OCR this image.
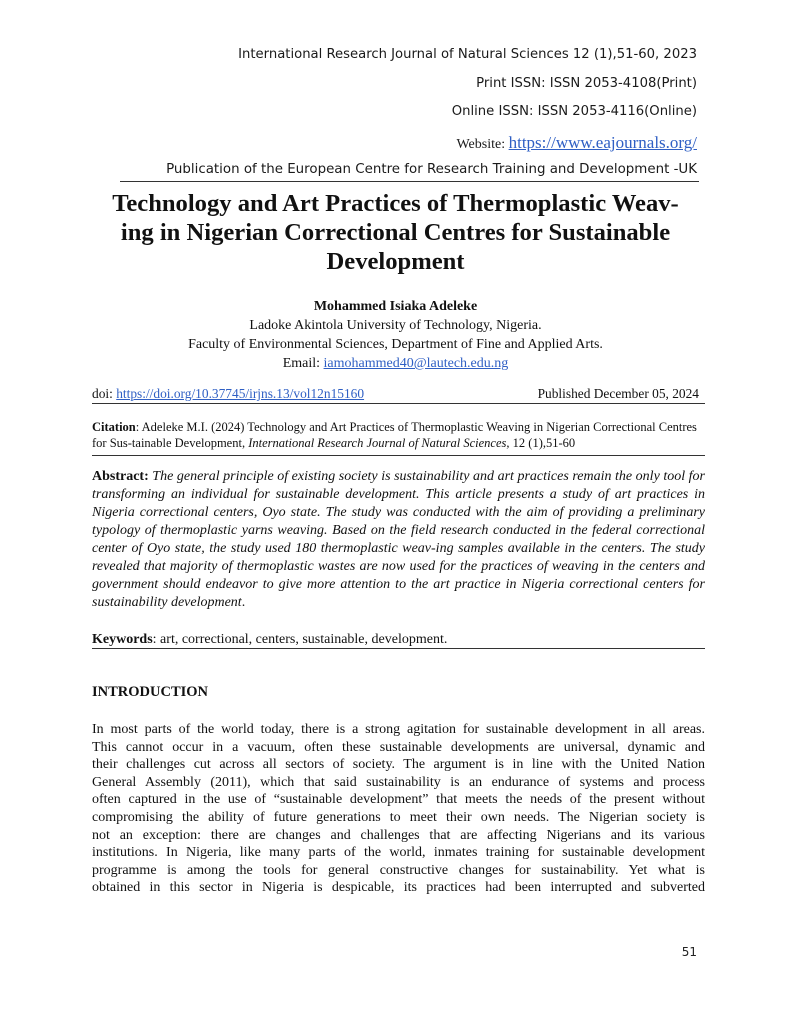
International Research Journal of Natural Sciences 12 (1),51-60, 2023
Print ISSN: ISSN 2053-4108(Print)
Online ISSN: ISSN 2053-4116(Online)
Website: https://www.eajournals.org/
Publication of the European Centre for Research Training and Development -UK
Technology and Art Practices of Thermoplastic Weav-
ing in Nigerian Correctional Centres for Sustainable
Development
Mohammed Isiaka Adeleke
Ladoke Akintola University of Technology, Nigeria.
Faculty of Environmental Sciences, Department of Fine and Applied Arts.
Email: iamohammed40@lautech.edu.ng
doi: https://doi.org/10.37745/irjns.13/vol12n15160	Published December 05, 2024
Citation: Adeleke M.I. (2024) Technology and Art Practices of Thermoplastic Weaving in Nigerian Correctional Centres for Sus-tainable Development, International Research Journal of Natural Sciences, 12 (1),51-60
Abstract: The general principle of existing society is sustainability and art practices remain the only tool for transforming an individual for sustainable development. This article presents a study of art practices in Nigeria correctional centers, Oyo state. The study was conducted with the aim of providing a preliminary typology of thermoplastic yarns weaving. Based on the field research conducted in the federal correctional center of Oyo state, the study used 180 thermoplastic weav-ing samples available in the centers. The study revealed that majority of thermoplastic wastes are now used for the practices of weaving in the centers and government should endeavor to give more attention to the art practice in Nigeria correctional centers for sustainability development.
Keywords: art, correctional, centers, sustainable, development.
INTRODUCTION
In most parts of the world today, there is a strong agitation for sustainable development in all areas.
This cannot occur in a vacuum, often these sustainable developments are universal, dynamic and
their challenges cut across all sectors of society. The argument is in line with the United Nation
General Assembly (2011), which that said sustainability is an endurance of systems and process
often captured in the use of “sustainable development” that meets the needs of the present without
compromising the ability of future generations to meet their own needs. The Nigerian society is
not an exception: there are changes and challenges that are affecting Nigerians and its various
institutions. In Nigeria, like many parts of the world, inmates training for sustainable development
programme is among the tools for general constructive changes for sustainability. Yet what is
obtained in this sector in Nigeria is despicable, its practices had been interrupted and subverted
51
